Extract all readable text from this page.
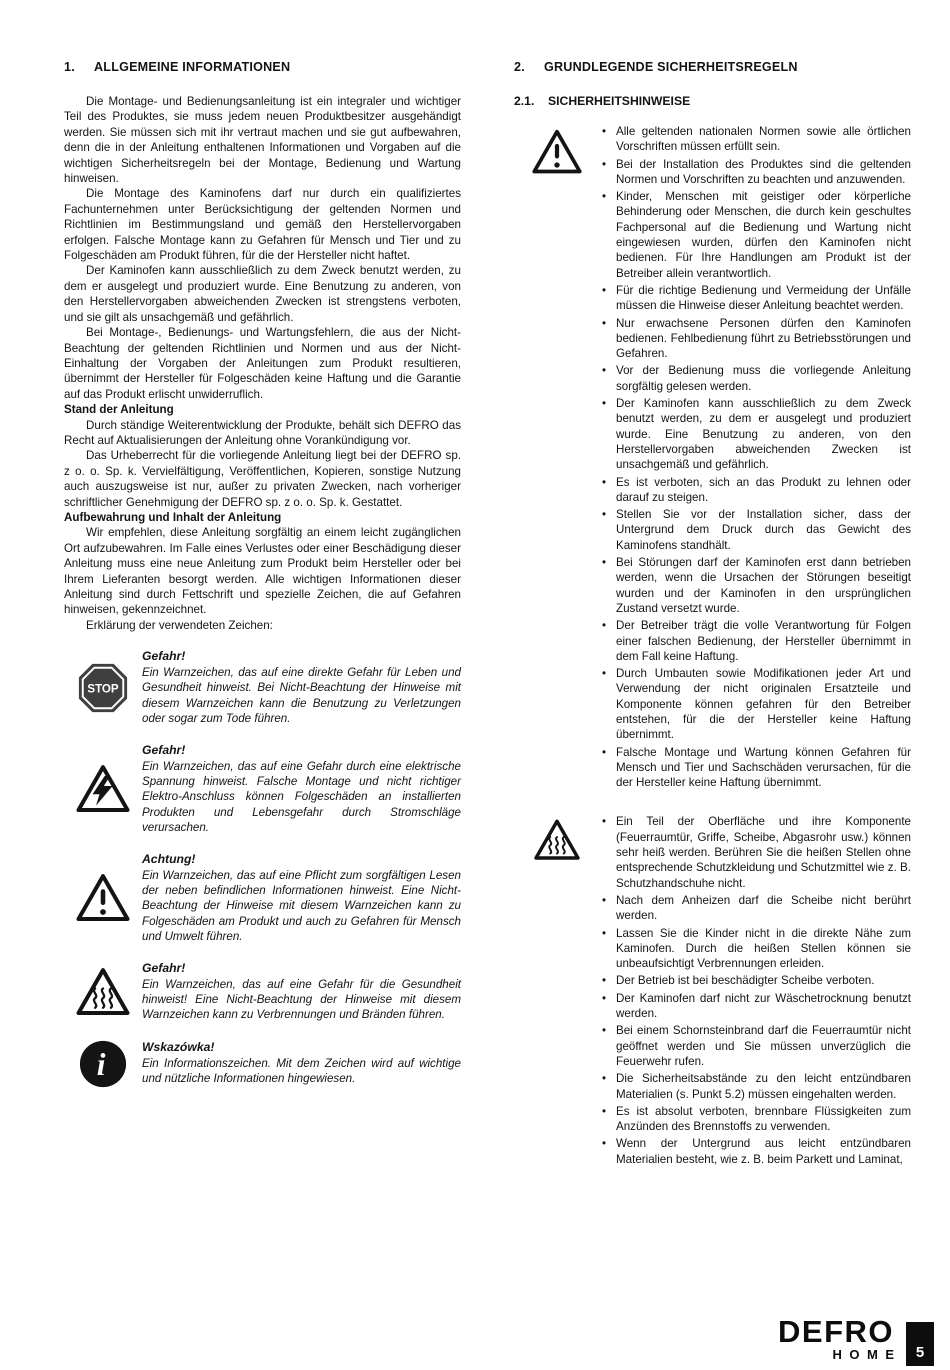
1.	ALLGEMEINE INFORMATIONEN

Die Montage- und Bedienungsanleitung ist ein integraler und wichtiger Teil des Produktes, sie muss jedem neuen Produktbesitzer ausgehändigt werden. Sie müssen sich mit ihr vertraut machen und sie gut aufbewahren, denn die in der Anleitung enthaltenen Informationen und Vorgaben auf die wichtigen Sicherheitsregeln bei der Montage, Bedienung und Wartung hinweisen.

Die Montage des Kaminofens darf nur durch ein qualifiziertes Fachunternehmen unter Berücksichtigung der geltenden Normen und Richtlinien im Bestimmungsland und gemäß den Herstellervorgaben erfolgen. Falsche Montage kann zu Gefahren für Mensch und Tier und zu Folgeschäden am Produkt führen, für die der Hersteller nicht haftet.

Der Kaminofen kann ausschließlich zu dem Zweck benutzt werden, zu dem er ausgelegt und produziert wurde. Eine Benutzung zu anderen, von den Herstellervorgaben abweichenden Zwecken ist strengstens verboten, und sie gilt als unsachgemäß und gefährlich.

Bei Montage-, Bedienungs- und Wartungsfehlern, die aus der Nicht-Beachtung der geltenden Richtlinien und Normen und aus der Nicht-Einhaltung der Vorgaben der Anleitungen zum Produkt resultieren, übernimmt der Hersteller für Folgeschäden keine Haftung und die Garantie auf das Produkt erlischt unwiderruflich.

Stand der Anleitung

Durch ständige Weiterentwicklung der Produkte, behält sich DEFRO das Recht auf Aktualisierungen der Anleitung ohne Vorankündigung vor.

Das Urheberrecht für die vorliegende Anleitung liegt bei der DEFRO sp. z o. o. Sp. k. Vervielfältigung, Veröffentlichen, Kopieren, sonstige Nutzung auch auszugsweise ist nur, außer zu privaten Zwecken, nach vorheriger schriftlicher Genehmigung der DEFRO sp. z o. o. Sp. k. Gestattet.

Aufbewahrung und Inhalt der Anleitung

Wir empfehlen, diese Anleitung sorgfältig an einem leicht zugänglichen Ort aufzubewahren. Im Falle eines Verlustes oder einer Beschädigung dieser Anleitung muss eine neue Anleitung zum Produkt beim Hersteller oder bei Ihrem Lieferanten besorgt werden. Alle wichtigen Informationen dieser Anleitung sind durch Fettschrift und spezielle Zeichen, die auf Gefahren hinweisen, gekennzeichnet.

Erklärung der verwendeten Zeichen:

STOP
Gefahr!
Ein Warnzeichen, das auf eine direkte Gefahr für Leben und Gesundheit hinweist. Bei Nicht-Beachtung der Hinweise mit diesem Warnzeichen kann die Benutzung zu Verletzungen oder sogar zum Tode führen.
Gefahr!
Ein Warnzeichen, das auf eine Gefahr durch eine elektrische Spannung hinweist. Falsche Montage und nicht richtiger Elektro-Anschluss können Folgeschäden an installierten Produkten und Lebensgefahr durch Stromschläge verursachen.
Achtung!
Ein Warnzeichen, das auf eine Pflicht zum sorgfältigen Lesen der neben befindlichen Informationen hinweist. Eine Nicht-Beachtung der Hinweise mit diesem Warnzeichen kann zu Folgeschäden am Produkt und auch zu Gefahren für Mensch und Umwelt führen.
Gefahr!
Ein Warnzeichen, das auf eine Gefahr für die Gesundheit hinweist! Eine Nicht-Beachtung der Hinweise mit diesem Warnzeichen kann zu Verbrennungen und Bränden führen.
i
Wskazówka!
Ein Informationszeichen. Mit dem Zeichen wird auf wichtige und nützliche Informationen hingewiesen.
2.	GRUNDLEGENDE SICHERHEITSREGELN
2.1.	SICHERHEITSHINWEISE
• Alle geltenden nationalen Normen sowie alle örtlichen Vorschriften müssen erfüllt sein.
• Bei der Installation des Produktes sind die geltenden Normen und Vorschriften zu beachten und anzuwenden.
• Kinder, Menschen mit geistiger oder körperliche Behinderung oder Menschen, die durch kein geschultes Fachpersonal auf die Bedienung und Wartung nicht eingewiesen wurden, dürfen den Kaminofen nicht bedienen. Für Ihre Handlungen am Produkt ist der Betreiber allein verantwortlich.
• Für die richtige Bedienung und Vermeidung der Unfälle müssen die Hinweise dieser Anleitung beachtet werden.
• Nur erwachsene Personen dürfen den Kaminofen bedienen. Fehlbedienung führt zu Betriebsstörungen und Gefahren.
• Vor der Bedienung muss die vorliegende Anleitung sorgfältig gelesen werden.
• Der Kaminofen kann ausschließlich zu dem Zweck benutzt werden, zu dem er ausgelegt und produziert wurde. Eine Benutzung zu anderen, von den Herstellervorgaben abweichenden Zwecken ist unsachgemäß und gefährlich.
• Es ist verboten, sich an das Produkt zu lehnen oder darauf zu steigen.
• Stellen Sie vor der Installation sicher, dass der Untergrund dem Druck durch das Gewicht des Kaminofens standhält.
• Bei Störungen darf der Kaminofen erst dann betrieben werden, wenn die Ursachen der Störungen beseitigt wurden und der Kaminofen in den ursprünglichen Zustand versetzt wurde.
• Der Betreiber trägt die volle Verantwortung für Folgen einer falschen Bedienung, der Hersteller übernimmt in dem Fall keine Haftung.
• Durch Umbauten sowie Modifikationen jeder Art und Verwendung der nicht originalen Ersatzteile und Komponente können gefahren für den Betreiber entstehen, für die der Hersteller keine Haftung übernimmt.
• Falsche Montage und Wartung können Gefahren für Mensch und Tier und Sachschäden verursachen, für die der Hersteller keine Haftung übernimmt.
• Ein Teil der Oberfläche und ihre Komponente (Feuerraumtür, Griffe, Scheibe, Abgasrohr usw.) können sehr heiß werden. Berühren Sie die heißen Stellen ohne entsprechende Schutzkleidung und Schutzmittel wie z. B. Schutzhandschuhe nicht.
• Nach dem Anheizen darf die Scheibe nicht berührt werden.
• Lassen Sie die Kinder nicht in die direkte Nähe zum Kaminofen. Durch die heißen Stellen können sie unbeaufsichtigt Verbrennungen erleiden.
• Der Betrieb ist bei beschädigter Scheibe verboten.
• Der Kaminofen darf nicht zur Wäschetrocknung benutzt werden.
• Bei einem Schornsteinbrand darf die Feuerraumtür nicht geöffnet werden und Sie müssen unverzüglich die Feuerwehr rufen.
• Die Sicherheitsabstände zu den leicht entzündbaren Materialien (s. Punkt 5.2) müssen eingehalten werden.
• Es ist absolut verboten, brennbare Flüssigkeiten zum Anzünden des Brennstoffs zu verwenden.
• Wenn der Untergrund aus leicht entzündbaren Materialien besteht, wie z. B. beim Parkett und Laminat,
DEFRO
HOME 5
